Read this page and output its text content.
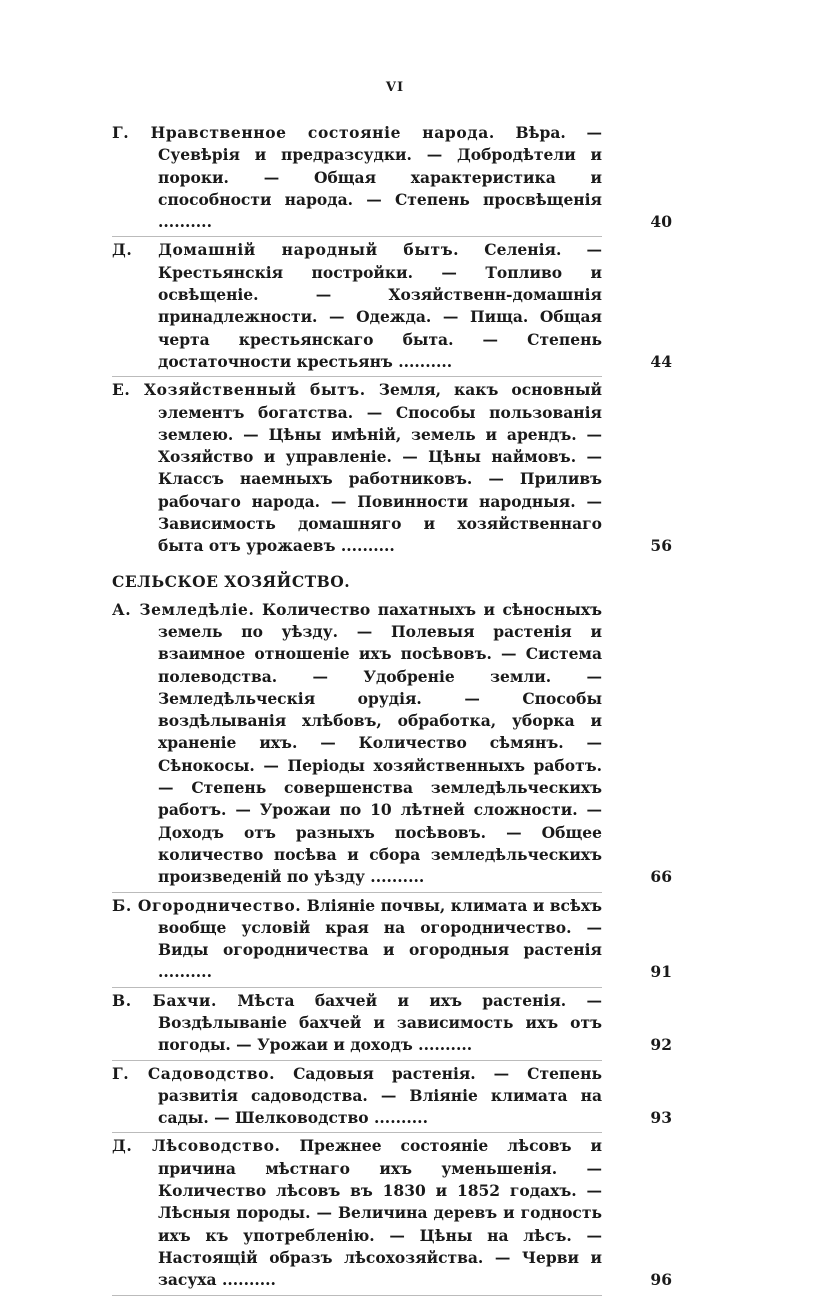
VI
Г. Нравственное состояніе народа. Вѣра. — Суевѣрія и предразсудки. — Добродѣтели и пороки. — Общая характеристика и способности народа. — Степень просвѣщенія ..........	40
Д. Домашній народный бытъ. Селенія. — Крестьянскія постройки. — Топливо и освѣщеніе. — Хозяйственн-домашнія принадлежности. — Одежда. — Пища. Общая черта крестьянскаго быта. — Степень достаточности крестьянъ ..........	44
Е. Хозяйственный бытъ. Земля, какъ основный элементъ богатства. — Способы пользованія землею. — Цѣны имѣній, земель и арендъ. — Хозяйство и управленіе. — Цѣны наймовъ. — Классъ наемныхъ работниковъ. — Приливъ рабочаго народа. — Повинности народныя. — Зависимость домашняго и хозяйственнаго быта отъ урожаевъ ..........	56
СЕЛЬСКОЕ ХОЗЯЙСТВО.
А. Земледѣліе. Количество пахатныхъ и сѣносныхъ земель по уѣзду. — Полевыя растенія и взаимное отношеніе ихъ посѣвовъ. — Система полеводства. — Удобреніе земли. — Земледѣльческія орудія. — Способы воздѣлыванія хлѣбовъ, обработка, уборка и храненіе ихъ. — Количество сѣмянъ. — Сѣнокосы. — Періоды хозяйственныхъ работъ. — Степень совершенства земледѣльческихъ работъ. — Урожаи по 10 лѣтней сложности. — Доходъ отъ разныхъ посѣвовъ. — Общее количество посѣва и сбора земледѣльческихъ произведеній по уѣзду ..........	66
Б. Огородничество. Вліяніе почвы, климата и всѣхъ вообще условій края на огородничество. — Виды огородничества и огородныя растенія ..........	91
В. Бахчи. Мѣста бахчей и ихъ растенія. — Воздѣлываніе бахчей и зависимость ихъ отъ погоды. — Урожаи и доходъ ..........	92
Г. Садоводство. Садовыя растенія. — Степень развитія садоводства. — Вліяніе климата на сады. — Шелководство ..........	93
Д. Лѣсоводство. Прежнее состояніе лѣсовъ и причина мѣстнаго ихъ уменьшенія. — Количество лѣсовъ въ 1830 и 1852 годахъ. — Лѣсныя породы. — Величина деревъ и годность ихъ къ употребленію. — Цѣны на лѣсъ. — Настоящій образъ лѣсохозяйства. — Черви и засуха ..........	96
